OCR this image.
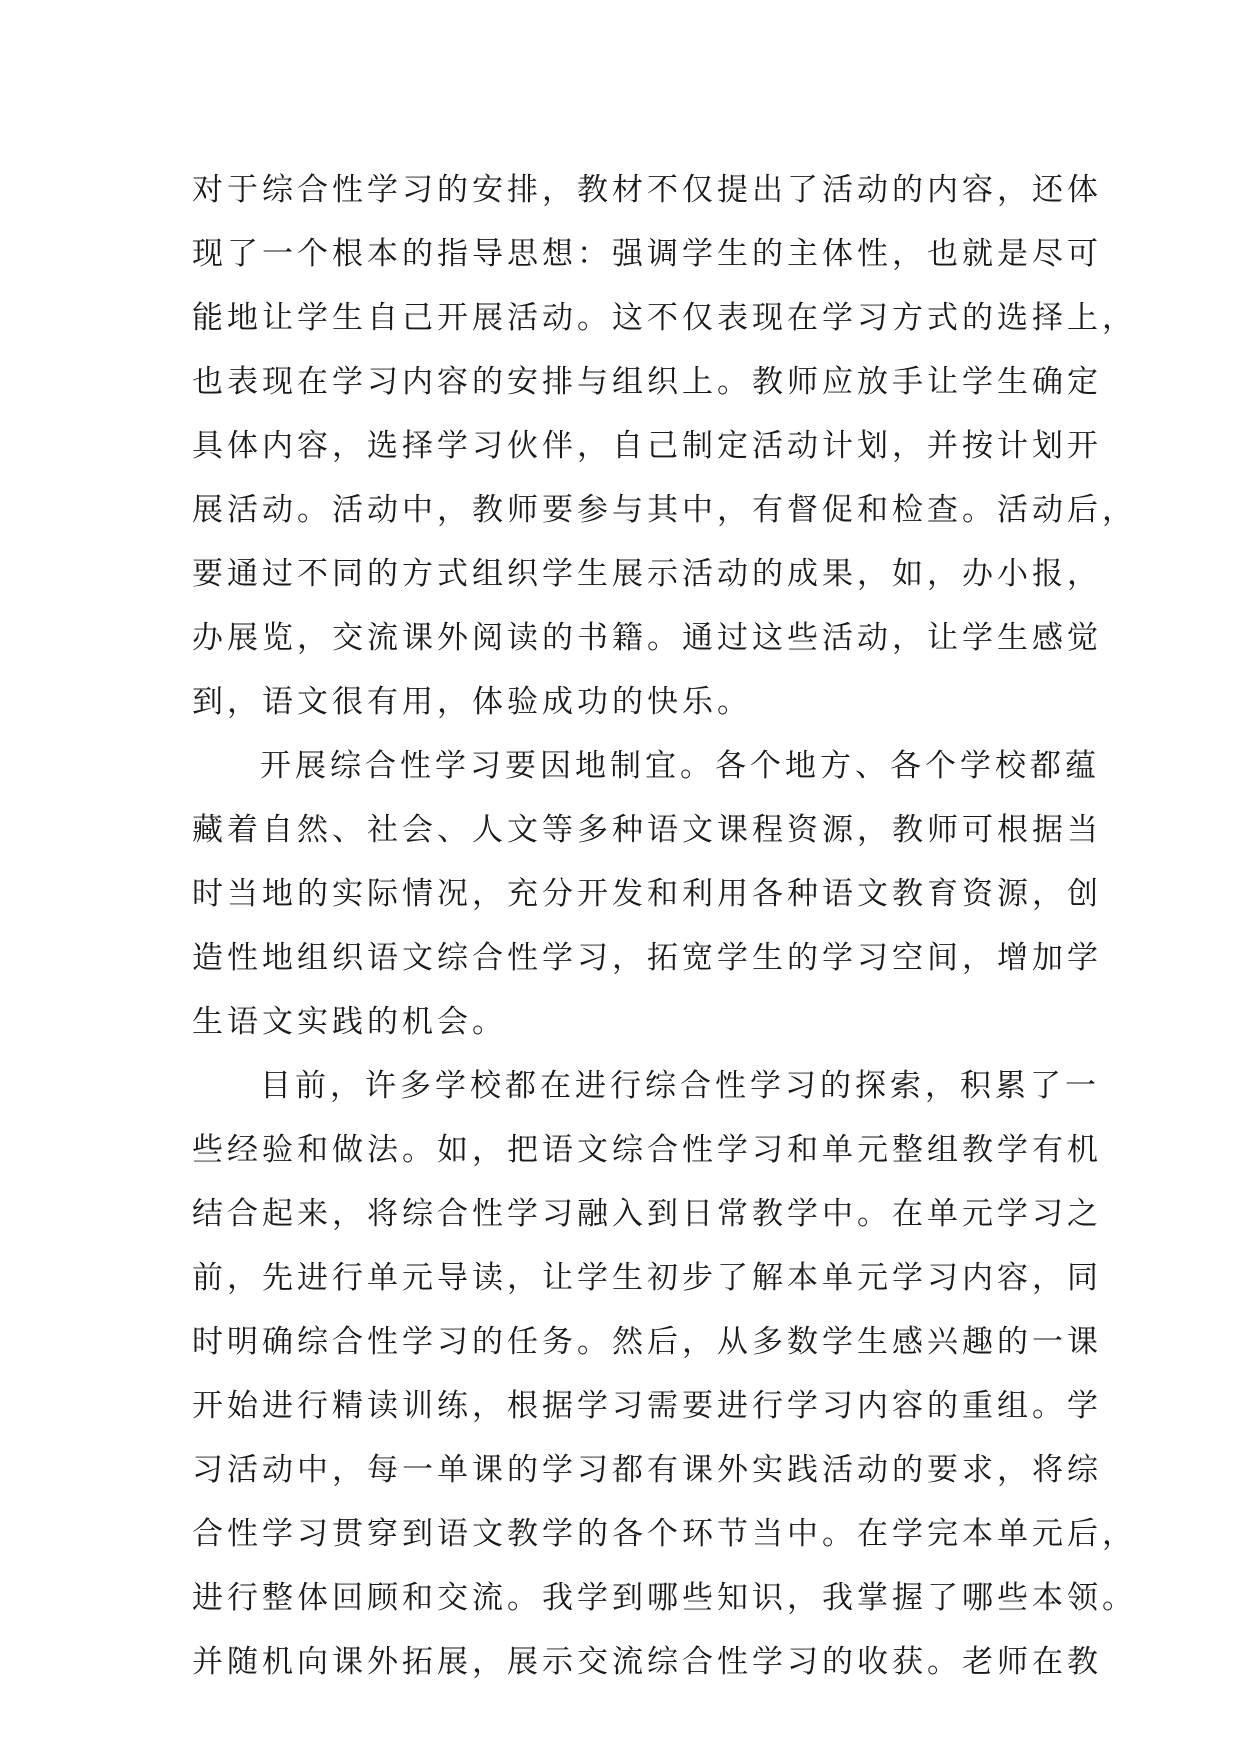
对于综合性学习的安排，教材不仅提出了活动的内容，还体
现了一个根本的指导思想：强调学生的主体性，也就是尽可
能地让学生自己开展活动。这不仅表现在学习方式的选择上，
也表现在学习内容的安排与组织上。教师应放手让学生确定
具体内容，选择学习伙伴，自己制定活动计划，并按计划开
展活动。活动中，教师要参与其中，有督促和检查。活动后，
要通过不同的方式组织学生展示活动的成果，如，办小报，
办展览，交流课外阅读的书籍。通过这些活动，让学生感觉
到，语文很有用，体验成功的快乐。
开展综合性学习要因地制宜。各个地方、各个学校都蕴
藏着自然、社会、人文等多种语文课程资源，教师可根据当
时当地的实际情况，充分开发和利用各种语文教育资源，创
造性地组织语文综合性学习，拓宽学生的学习空间，增加学
生语文实践的机会。
目前，许多学校都在进行综合性学习的探索，积累了一
些经验和做法。如，把语文综合性学习和单元整组教学有机
结合起来，将综合性学习融入到日常教学中。在单元学习之
前，先进行单元导读，让学生初步了解本单元学习内容，同
时明确综合性学习的任务。然后，从多数学生感兴趣的一课
开始进行精读训练，根据学习需要进行学习内容的重组。学
习活动中，每一单课的学习都有课外实践活动的要求，将综
合性学习贯穿到语文教学的各个环节当中。在学完本单元后，
进行整体回顾和交流。我学到哪些知识，我掌握了哪些本领。
并随机向课外拓展，展示交流综合性学习的收获。老师在教
